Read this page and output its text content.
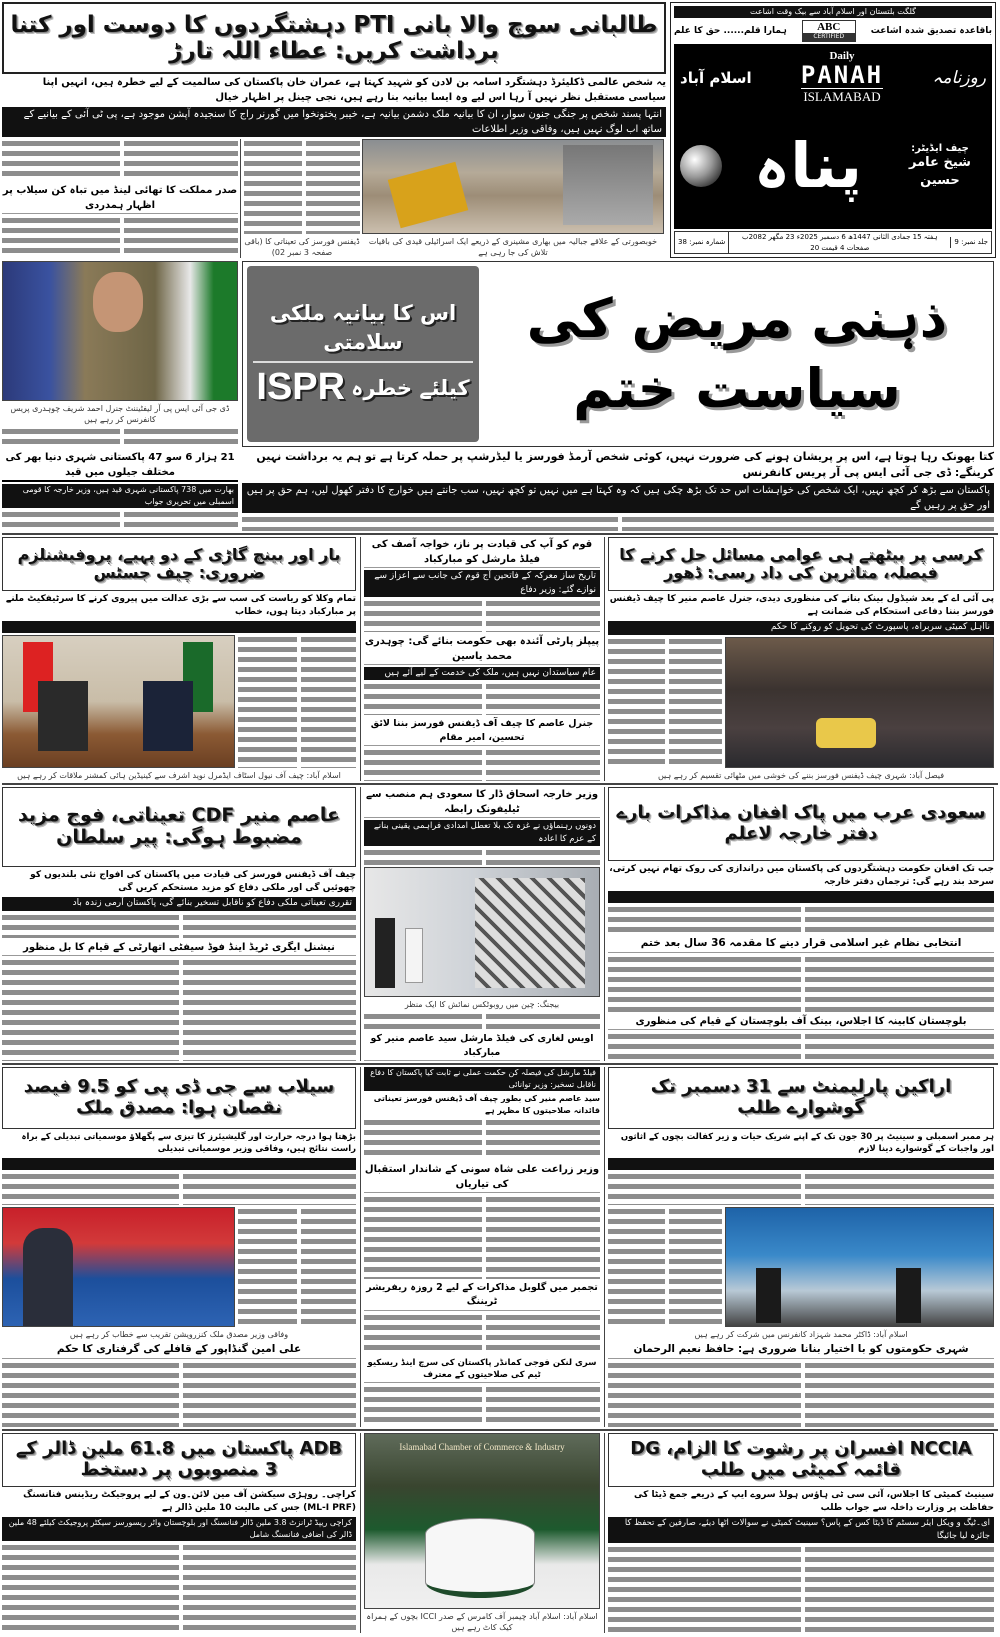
طالبانی سوچ والا بانی PTI دہشتگردوں کا دوست اور کتنا برداشت کریں: عطاء اللہ تارڑ
یہ شخص عالمی ڈکلیئرڈ دہشتگرد اسامہ بن لادن کو شہید کہتا ہے، عمران خان پاکستان کی سالمیت کے لیے خطرہ ہیں، انہیں اپنا سیاسی مستقبل نظر نہیں آ رہا اس لیے وہ ایسا بیانیہ بنا رہے ہیں، نجی چینل پر اظہار خیال
انتہا پسند شخص پر جنگی جنون سوار، ان کا بیانیہ ملک دشمن بیانیہ ہے، خیبر پختونخوا میں گورنر راج کا سنجیدہ آپشن موجود ہے، پی ٹی آئی کے بیانیے کے ساتھ اب لوگ نہیں ہیں، وفاقی وزیر اطلاعات
صدر مملکت کا تھائی لینڈ میں تباہ کن سیلاب پر اظہار ہمدردی
ڈیفنس فورسز کی تعیناتی کا (باقی صفحہ 3 نمبر 02)
خوبصورتی کے علاقے جبالیہ میں بھاری مشینری کے ذریعے ایک اسرائیلی قیدی کی باقیات تلاش کی جا رہی ہے
گلگت بلتستان اور اسلام آباد سے بیک وقت اشاعت
ہمارا قلم...... حق کا علم	ABC
CERTIFIED
باقاعدہ تصدیق شدہ اشاعت
اسلام آباد
Daily
PANAH
ISLAMABAD
روزنامہ
پناہ	چیف ایڈیٹر:
شیخ عامر حسین
جلد نمبر: 9
ہفتہ 15 جمادی الثانی 1447ھ 6 دسمبر 2025ء 23 مگھر 2082ب صفحات 4 قیمت 20
شمارہ نمبر: 38
ڈی جی آئی ایس پی آر لیفٹیننٹ جنرل احمد شریف چوہدری پریس کانفرنس کر رہے ہیں
21 ہزار 6 سو 47 پاکستانی شہری دنیا بھر کی مختلف جیلوں میں قید
بھارت میں 738 پاکستانی شہری قید ہیں، وزیر خارجہ کا قومی اسمبلی میں تحریری جواب
اس کا بیانیہ ملکی سلامتی
کیلئے خطرہ
ISPR
ذہنی مریض کی سیاست ختم
کتا بھونک رہا ہوتا ہے، اس پر پریشان ہونے کی ضرورت نہیں، کوئی شخص آرمڈ فورسز یا لیڈرشپ پر حملہ کرتا ہے تو ہم یہ برداشت نہیں کرینگے: ڈی جی آئی ایس پی آر پریس کانفرنس
پاکستان سے بڑھ کر کچھ نہیں، ایک شخص کی خواہشات اس حد تک بڑھ چکی ہیں کہ وہ کہتا ہے میں نہیں تو کچھ نہیں، سب جانتے ہیں خوارج کا دفتر کھول لیں، ہم حق پر ہیں اور حق پر رہیں گے
بار اور بینچ گاڑی کے دو پہیے، پروفیشنلزم ضروری: چیف جسٹس
تمام وکلا کو ریاست کی سب سے بڑی عدالت میں پیروی کرنے کا سرٹیفکیٹ ملنے پر مبارکباد دیتا ہوں، خطاب
اسلام آباد: چیف آف نیول اسٹاف ایڈمرل نوید اشرف سے کینیڈین ہائی کمشنر ملاقات کر رہے ہیں
قوم کو آپ کی قیادت پر ناز، خواجہ آصف کی فیلڈ مارشل کو مبارکباد
تاریخ ساز معرکہ کے فاتحین آج قوم کی جانب سے اعزاز سے نوازے گئے: وزیر دفاع
پیپلز پارٹی آئندہ بھی حکومت بنائے گی: چوہدری محمد یاسین
عام سیاستدان نہیں ہیں، ملک کی خدمت کے لیے آئے ہیں
جنرل عاصم کا چیف آف ڈیفنس فورسز بننا لائق تحسین، امیر مقام
کرسی پر بیٹھتے ہی عوامی مسائل حل کرنے کا فیصلہ، متاثرین کی داد رسی: ڈھور
پی آئی اے کے بعد شیڈول بینک بنانے کی منظوری دیدی، جنرل عاصم منیر کا چیف ڈیفنس فورسز بننا دفاعی استحکام کی ضمانت ہے
نااہل کمیٹی سربراہ، پاسپورٹ کی تحویل کو روکنے کا حکم
فیصل آباد: شہری چیف ڈیفنس فورسز بننے کی خوشی میں مٹھائی تقسیم کر رہے ہیں
عاصم منیر CDF تعیناتی، فوج مزید مضبوط ہوگی: پیر سلطان
چیف آف ڈیفنس فورسز کی قیادت میں پاکستان کی افواج نئی بلندیوں کو چھوئیں گی اور ملکی دفاع کو مزید مستحکم کریں گی
تقرری تعیناتی ملکی دفاع کو ناقابل تسخیر بنائے گی، پاکستان آرمی زندہ باد
نیشنل ایگری ٹریڈ اینڈ فوڈ سیفٹی اتھارٹی کے قیام کا بل منظور
وزیر خارجہ اسحاق ڈار کا سعودی ہم منصب سے ٹیلیفونک رابطہ
دونوں رہنماؤں نے غزہ تک بلا تعطل امدادی فراہمی یقینی بنانے کے عزم کا اعادہ
بیجنگ: چین میں روبوٹکس نمائش کا ایک منظر
اویس لغاری کی فیلڈ مارشل سید عاصم منیر کو مبارکباد
سعودی عرب میں پاک افغان مذاکرات بارے دفتر خارجہ لاعلم
جب تک افغان حکومت دہشتگردوں کی پاکستان میں دراندازی کی روک تھام نہیں کرتی، سرحد بند رہے گی: ترجمان دفتر خارجہ
انتخابی نظام غیر اسلامی قرار دینے کا مقدمہ 36 سال بعد ختم
بلوچستان کابینہ کا اجلاس، بینک آف بلوچستان کے قیام کی منظوری
سیلاب سے جی ڈی پی کو 9.5 فیصد نقصان ہوا: مصدق ملک
بڑھتا ہوا درجہ حرارت اور گلیشیئرز کا تیزی سے پگھلاؤ موسمیاتی تبدیلی کے براہ راست نتائج ہیں، وفاقی وزیر موسمیاتی تبدیلی
وفاقی وزیر مصدق ملک کنزرویشن تقریب سے خطاب کر رہے ہیں
علی امین گنڈاپور کے قافلے کی گرفتاری کا حکم
فیلڈ مارشل کی فیصلہ کن حکمت عملی نے ثابت کیا پاکستان کا دفاع ناقابل تسخیر: وزیر توانائی
سید عاصم منیر کی بطور چیف آف ڈیفنس فورسز تعیناتی قائدانہ صلاحیتوں کا مظہر ہے
وزیر زراعت علی شاہ سونی کے شاندار استقبال کی تیاریاں
تجمبر میں گلوبل مذاکرات کے لیے 2 روزہ ریفریشر ٹریننگ
سری لنکن فوجی کمانڈر پاکستان کی سرچ اینڈ ریسکیو ٹیم کی صلاحیتوں کے معترف
اراکین پارلیمنٹ سے 31 دسمبر تک گوشوارے طلب
ہر ممبر اسمبلی و سینیٹ پر 30 جون تک کے اپنے شریک حیات و زیر کفالت بچوں کے اثاثوں اور واجبات کے گوشوارے دینا لازم
اسلام آباد: ڈاکٹر محمد شہزاد کانفرنس میں شرکت کر رہے ہیں
شہری حکومتوں کو با اختیار بنانا ضروری ہے: حافظ نعیم الرحمان
ADB پاکستان میں 61.8 ملین ڈالر کے 3 منصوبوں پر دستخط
کراچی۔ روہڑی سیکشن آف مین لائن۔ون کے لیے پروجیکٹ ریڈینس فنانسنگ (ML-I PRF) جس کی مالیت 10 ملین ڈالر ہے
کراچی ریپڈ ٹرانزٹ 3.8 ملین ڈالر فنانسنگ اور بلوچستان واٹر ریسورسز سیکٹر پروجیکٹ کیلئے 48 ملین ڈالر کی اضافی فنانسنگ شامل
Islamabad Chamber of Commerce & Industry
اسلام آباد: اسلام آباد چیمبر آف کامرس کے صدر ICCI بچوں کے ہمراہ کیک کاٹ رہے ہیں
NCCIA افسران پر رشوت کا الزام، DG قائمہ کمیٹی میں طلب
سینیٹ کمیٹی کا اجلاس، آئی سی ٹی ہاؤس ہولڈ سروے ایپ کے ذریعے جمع ڈیٹا کی حفاظت پر وزارت داخلہ سے جواب طلب
ای۔ٹیگ و ویکل ایئر سسٹم کا ڈیٹا کس کے پاس؟ سینیٹ کمیٹی نے سوالات اٹھا دیئے، صارفین کے تحفظ کا جائزہ لیا جائیگا
